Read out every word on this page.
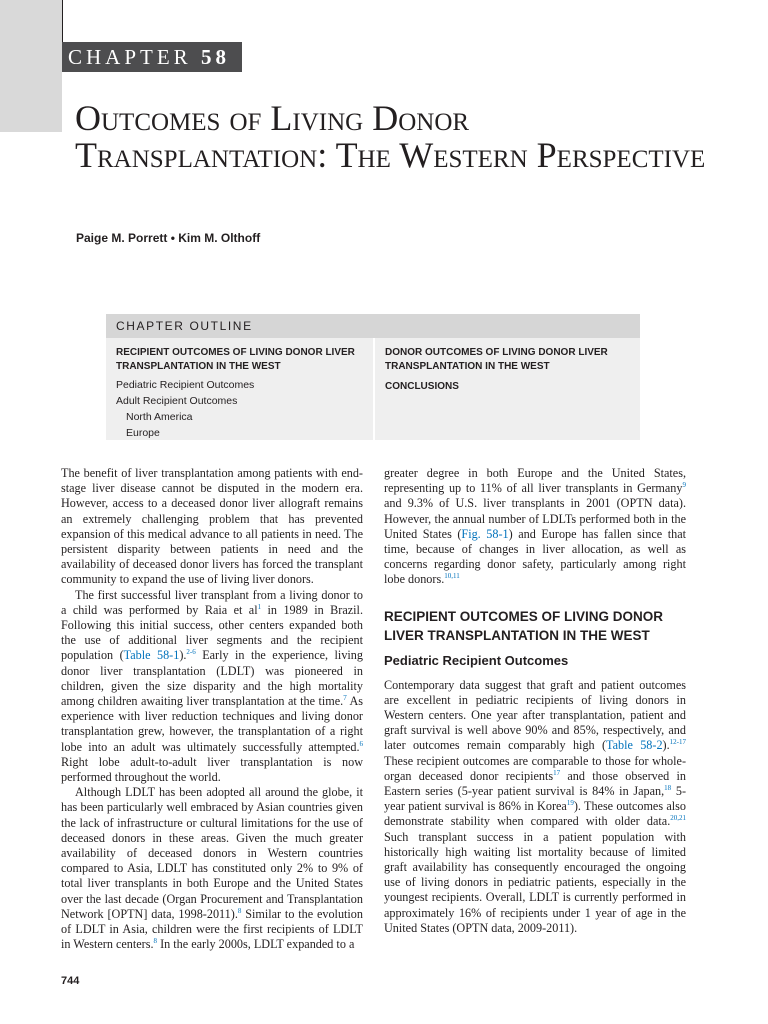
CHAPTER 58
Outcomes of Living Donor Transplantation: The Western Perspective
Paige M. Porrett • Kim M. Olthoff
CHAPTER OUTLINE
RECIPIENT OUTCOMES OF LIVING DONOR LIVER TRANSPLANTATION IN THE WEST
Pediatric Recipient Outcomes
Adult Recipient Outcomes
North America
Europe
DONOR OUTCOMES OF LIVING DONOR LIVER TRANSPLANTATION IN THE WEST
CONCLUSIONS

The benefit of liver transplantation among patients with end-stage liver disease cannot be disputed in the modern era. However, access to a deceased donor liver allograft remains an extremely challenging problem that has prevented expansion of this medical advance to all patients in need. The persistent disparity between patients in need and the availability of deceased donor livers has forced the transplant community to expand the use of living liver donors.

The first successful liver transplant from a living donor to a child was performed by Raia et $al^1$ in 1989 in Brazil. Following this initial success, other centers expanded both the use of additional liver segments and the recipient population (Table 58-1).$^{2-6}$ Early in the experience, living donor liver transplantation (LDLT) was pioneered in children, given the size disparity and the high mortality among children awaiting liver transplantation at the time.$^7$ As experience with liver reduction techniques and living donor transplantation grew, however, the transplantation of a right lobe into an adult was ultimately successfully attempted.$^6$ Right lobe adult-to-adult liver transplantation is now performed throughout the world.

Although LDLT has been adopted all around the globe, it has been particularly well embraced by Asian countries given the lack of infrastructure or cultural limitations for the use of deceased donors in these areas. Given the much greater availability of deceased donors in Western countries compared to Asia, LDLT has constituted only 2% to 9% of total liver transplants in both Europe and the United States over the last decade (Organ Procurement and Transplantation Network [OPTN] data, 1998-2011).$^8$ Similar to the evolution of LDLT in Asia, children were the first recipients of LDLT in Western centers.$^8$ In the early 2000s, LDLT expanded to a

greater degree in both Europe and the United States, representing up to 11% of all liver transplants in Germany$^9$ and 9.3% of U.S. liver transplants in 2001 (OPTN data). However, the annual number of LDLTs performed both in the United States (Fig. 58-1) and Europe has fallen since that time, because of changes in liver allocation, as well as concerns regarding donor safety, particularly among right lobe donors.$^{10,11}$

RECIPIENT OUTCOMES OF LIVING DONOR LIVER TRANSPLANTATION IN THE WEST
Pediatric Recipient Outcomes

Contemporary data suggest that graft and patient outcomes are excellent in pediatric recipients of living donors in Western centers. One year after transplantation, patient and graft survival is well above 90% and 85%, respectively, and later outcomes remain comparably high (Table 58-2).$^{12-17}$ These recipient outcomes are comparable to those for whole-organ deceased donor recipients$^{17}$ and those observed in Eastern series (5-year patient survival is 84% in Japan,$^{18}$ 5-year patient survival is 86% in Korea$^{19}$). These outcomes also demonstrate stability when compared with older data.$^{20,21}$ Such transplant success in a patient population with historically high waiting list mortality because of limited graft availability has consequently encouraged the ongoing use of living donors in pediatric patients, especially in the youngest recipients. Overall, LDLT is currently performed in approximately 16% of recipients under 1 year of age in the United States (OPTN data, 2009-2011).

744
